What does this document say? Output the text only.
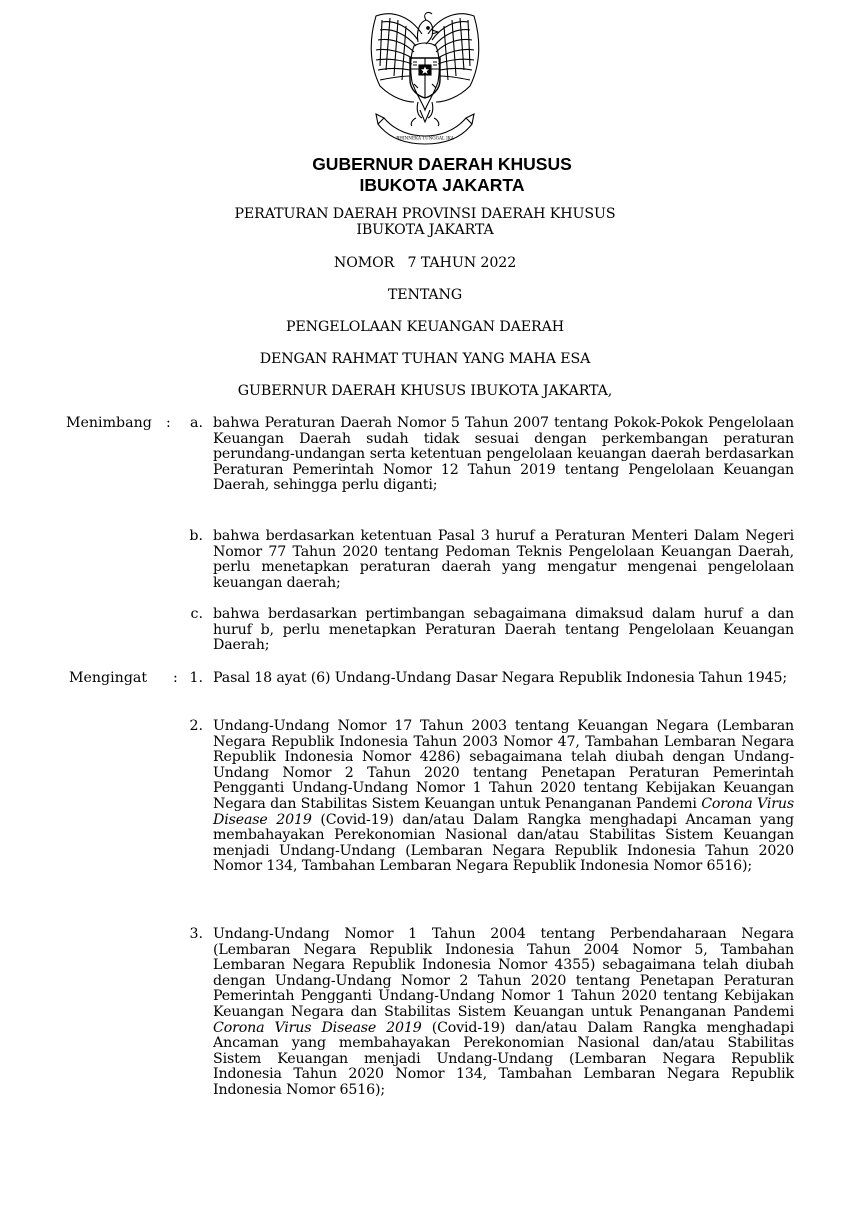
BHINNEKA TUNGGAL IKA
GUBERNUR DAERAH KHUSUS
IBUKOTA JAKARTA
PERATURAN DAERAH PROVINSI DAERAH KHUSUS
IBUKOTA JAKARTA
NOMOR   7 TAHUN 2022
TENTANG
PENGELOLAAN KEUANGAN DAERAH
DENGAN RAHMAT TUHAN YANG MAHA ESA
GUBERNUR DAERAH KHUSUS IBUKOTA JAKARTA,
Menimbang :	a. bahwa Peraturan Daerah Nomor 5 Tahun 2007 tentang Pokok-Pokok Pengelolaan Keuangan Daerah sudah tidak sesuai dengan perkembangan peraturan perundang-undangan serta ketentuan pengelolaan keuangan daerah berdasarkan Peraturan Pemerintah Nomor 12 Tahun 2019 tentang Pengelolaan Keuangan Daerah, sehingga perlu diganti;
b. bahwa berdasarkan ketentuan Pasal 3 huruf a Peraturan Menteri Dalam Negeri Nomor 77 Tahun 2020 tentang Pedoman Teknis Pengelolaan Keuangan Daerah, perlu menetapkan peraturan daerah yang mengatur mengenai pengelolaan keuangan daerah;
c. bahwa berdasarkan pertimbangan sebagaimana dimaksud dalam huruf a dan huruf b, perlu menetapkan Peraturan Daerah tentang Pengelolaan Keuangan Daerah;
Mengingat	: 1. Pasal 18 ayat (6) Undang-Undang Dasar Negara Republik Indonesia Tahun 1945;
2. Undang-Undang Nomor 17 Tahun 2003 tentang Keuangan Negara (Lembaran Negara Republik Indonesia Tahun 2003 Nomor 47, Tambahan Lembaran Negara Republik Indonesia Nomor 4286) sebagaimana telah diubah dengan Undang-Undang Nomor 2 Tahun 2020 tentang Penetapan Peraturan Pemerintah Pengganti Undang-Undang Nomor 1 Tahun 2020 tentang Kebijakan Keuangan Negara dan Stabilitas Sistem Keuangan untuk Penanganan Pandemi Corona Virus Disease 2019 (Covid-19) dan/atau Dalam Rangka menghadapi Ancaman yang membahayakan Perekonomian Nasional dan/atau Stabilitas Sistem Keuangan menjadi Undang-Undang (Lembaran Negara Republik Indonesia Tahun 2020 Nomor 134, Tambahan Lembaran Negara Republik Indonesia Nomor 6516);
3. Undang-Undang Nomor 1 Tahun 2004 tentang Perbendaharaan Negara (Lembaran Negara Republik Indonesia Tahun 2004 Nomor 5, Tambahan Lembaran Negara Republik Indonesia Nomor 4355) sebagaimana telah diubah dengan Undang-Undang Nomor 2 Tahun 2020 tentang Penetapan Peraturan Pemerintah Pengganti Undang-Undang Nomor 1 Tahun 2020 tentang Kebijakan Keuangan Negara dan Stabilitas Sistem Keuangan untuk Penanganan Pandemi Corona Virus Disease 2019 (Covid-19) dan/atau Dalam Rangka menghadapi Ancaman yang membahayakan Perekonomian Nasional dan/atau Stabilitas Sistem Keuangan menjadi Undang-Undang (Lembaran Negara Republik Indonesia Tahun 2020 Nomor 134, Tambahan Lembaran Negara Republik Indonesia Nomor 6516);
